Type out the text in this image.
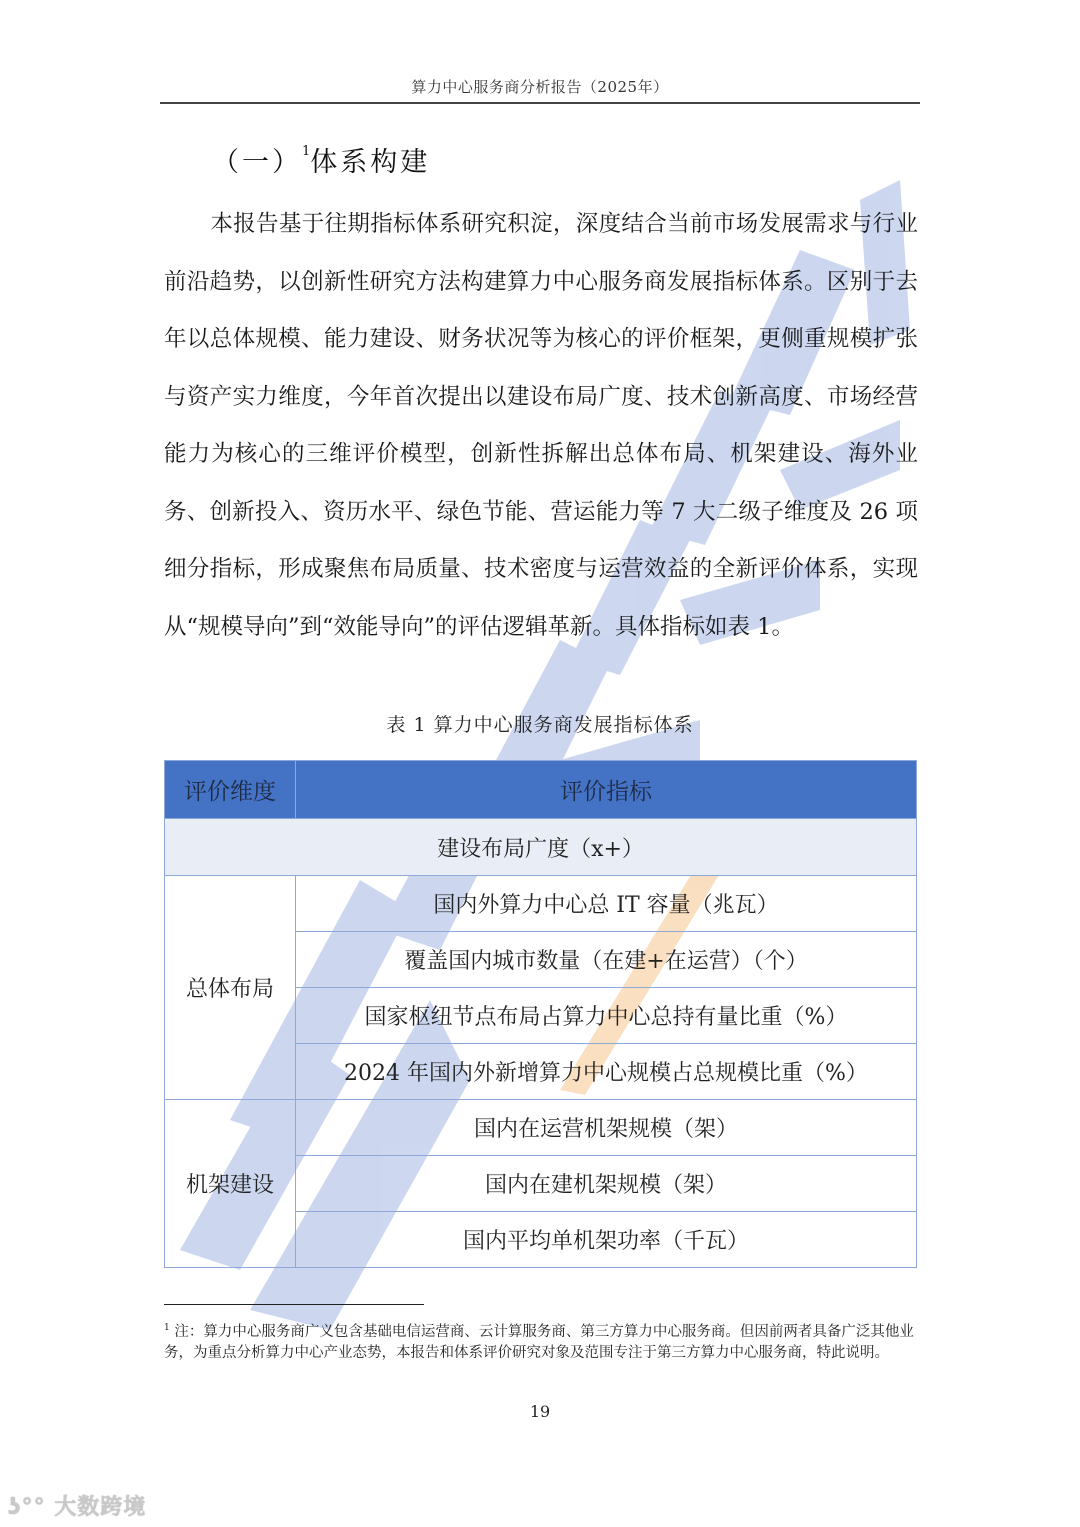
算力中心服务商分析报告（2025年）
（一）$^1$体系构建
本报告基于往期指标体系研究积淀，深度结合当前市场发展需求与行业前沿趋势，以创新性研究方法构建算力中心服务商发展指标体系。区别于去年以总体规模、能力建设、财务状况等为核心的评价框架，更侧重规模扩张与资产实力维度，今年首次提出以建设布局广度、技术创新高度、市场经营能力为核心的三维评价模型，创新性拆解出总体布局、机架建设、海外业务、创新投入、资历水平、绿色节能、营运能力等 7 大二级子维度及 26 项细分指标，形成聚焦布局质量、技术密度与运营效益的全新评价体系，实现从“规模导向”到“效能导向”的评估逻辑革新。具体指标如表 1。
表 1 算力中心服务商发展指标体系
评价维度	评价指标
建设布局广度（x+）	
总体布局	国内外算力中心总 IT 容量（兆瓦）
	覆盖国内城市数量（在建+在运营）（个）
	国家枢纽节点布局占算力中心总持有量比重（%）
	2024 年国内外新增算力中心规模占总规模比重（%）
机架建设	国内在运营机架规模（架）
	国内在建机架规模（架）
	国内平均单机架功率（千瓦）
$^1$ 注：算力中心服务商广义包含基础电信运营商、云计算服务商、第三方算力中心服务商。但因前两者具备广泛其他业务，为重点分析算力中心产业态势，本报告和体系评价研究对象及范围专注于第三方算力中心服务商，特此说明。
19
ʖ°° 大数跨境
